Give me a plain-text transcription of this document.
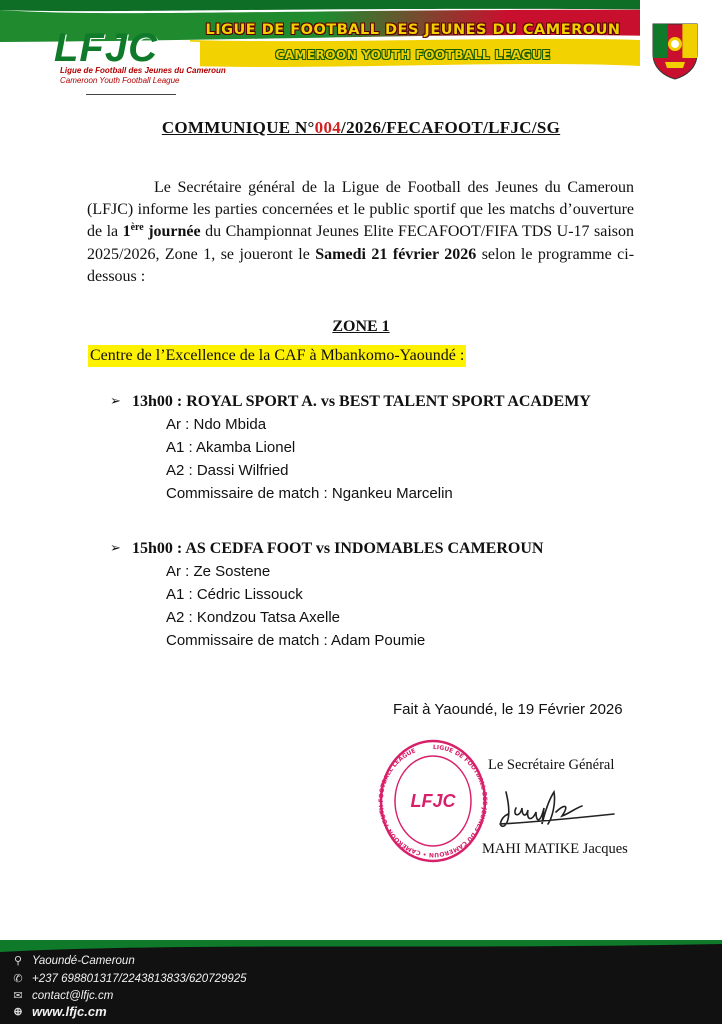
LFJC
Ligue de Football des Jeunes du Cameroun
Cameroon Youth Football League
LIGUE DE FOOTBALL DES JEUNES DU CAMEROUN
CAMEROON YOUTH FOOTBALL LEAGUE
COMMUNIQUE N°004/2026/FECAFOOT/LFJC/SG

Le Secrétaire général de la Ligue de Football des Jeunes du Cameroun (LFJC) informe les parties concernées et le public sportif que les matchs d’ouverture de la 1ère journée du Championnat Jeunes Elite FECAFOOT/FIFA TDS U-17 saison 2025/2026, Zone 1, se joueront le Samedi 21 février 2026 selon le programme ci-dessous :

ZONE 1
Centre de l’Excellence de la CAF à Mbankomo-Yaoundé :
➢ 13h00 : ROYAL SPORT A. vs BEST TALENT SPORT ACADEMY
Ar : Ndo Mbida
A1 : Akamba Lionel
A2 : Dassi Wilfried
Commissaire de match : Ngankeu Marcelin
➢ 15h00 : AS CEDFA FOOT vs INDOMABLES CAMEROUN
Ar : Ze Sostene
A1 : Cédric Lissouck
A2 : Kondzou Tatsa Axelle
Commissaire de match : Adam Poumie
Fait à Yaoundé, le 19 Février 2026
LIGUE DE FOOTBALL DES JEUNES DU CAMEROUN • CAMEROON YOUTH FOOTBALL LEAGUE
LFJC
Le Secrétaire Général
MAHI MATIKE Jacques
⚲ Yaoundé-Cameroun
✆ +237 698801317/2243813833/620729925
✉ contact@lfjc.cm
⊕ www.lfjc.cm
